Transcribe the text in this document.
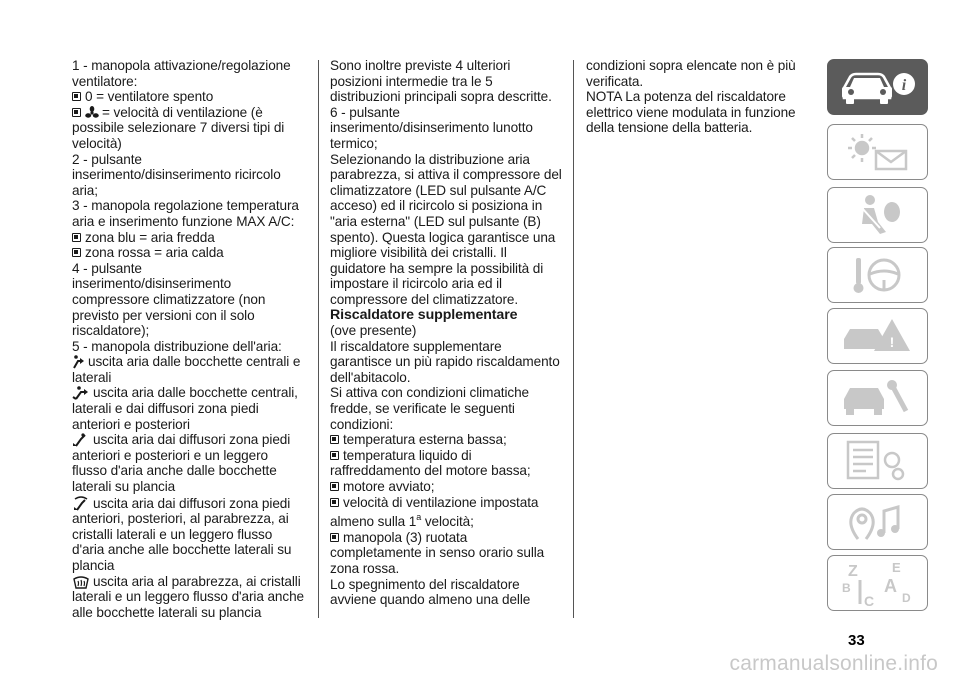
1 - manopola attivazione/regolazione ventilatore:
0 = ventilatore spento
= velocità di ventilazione (è possibile selezionare 7 diversi tipi di velocità)
2 - pulsante inserimento/disinserimento ricircolo aria;
3 - manopola regolazione temperatura aria e inserimento funzione MAX A/C:
zona blu = aria fredda
zona rossa = aria calda
4 - pulsante inserimento/disinserimento compressore climatizzatore (non previsto per versioni con il solo riscaldatore);
5 - manopola distribuzione dell'aria:
uscita aria dalle bocchette centrali e laterali
uscita aria dalle bocchette centrali, laterali e dai diffusori zona piedi anteriori e posteriori
uscita aria dai diffusori zona piedi anteriori e posteriori e un leggero flusso d'aria anche dalle bocchette laterali su plancia
uscita aria dai diffusori zona piedi anteriori, posteriori, al parabrezza, ai cristalli laterali e un leggero flusso d'aria anche alle bocchette laterali su plancia
uscita aria al parabrezza, ai cristalli laterali e un leggero flusso d'aria anche alle bocchette laterali su plancia
Sono inoltre previste 4 ulteriori posizioni intermedie tra le 5 distribuzioni principali sopra descritte.
6 - pulsante inserimento/disinserimento lunotto termico;
Selezionando la distribuzione aria parabrezza, si attiva il compressore del climatizzatore (LED sul pulsante A/C acceso) ed il ricircolo si posiziona in "aria esterna" (LED sul pulsante (B) spento). Questa logica garantisce una migliore visibilità dei cristalli. Il guidatore ha sempre la possibilità di impostare il ricircolo aria ed il compressore del climatizzatore.
Riscaldatore supplementare
(ove presente)
Il riscaldatore supplementare garantisce un più rapido riscaldamento dell'abitacolo.
Si attiva con condizioni climatiche fredde, se verificate le seguenti condizioni:
temperatura esterna bassa;
temperatura liquido di raffreddamento del motore bassa;
motore avviato;
velocità di ventilazione impostata almeno sulla 1$^a$ velocità;
manopola (3) ruotata completamente in senso orario sulla zona rossa.
Lo spegnimento del riscaldatore avviene quando almeno una delle
condizioni sopra elencate non è più verificata.
NOTA La potenza del riscaldatore elettrico viene modulata in funzione della tensione della batteria.
i
!
Z	E
B A
C D
33
carmanualsonline.info
